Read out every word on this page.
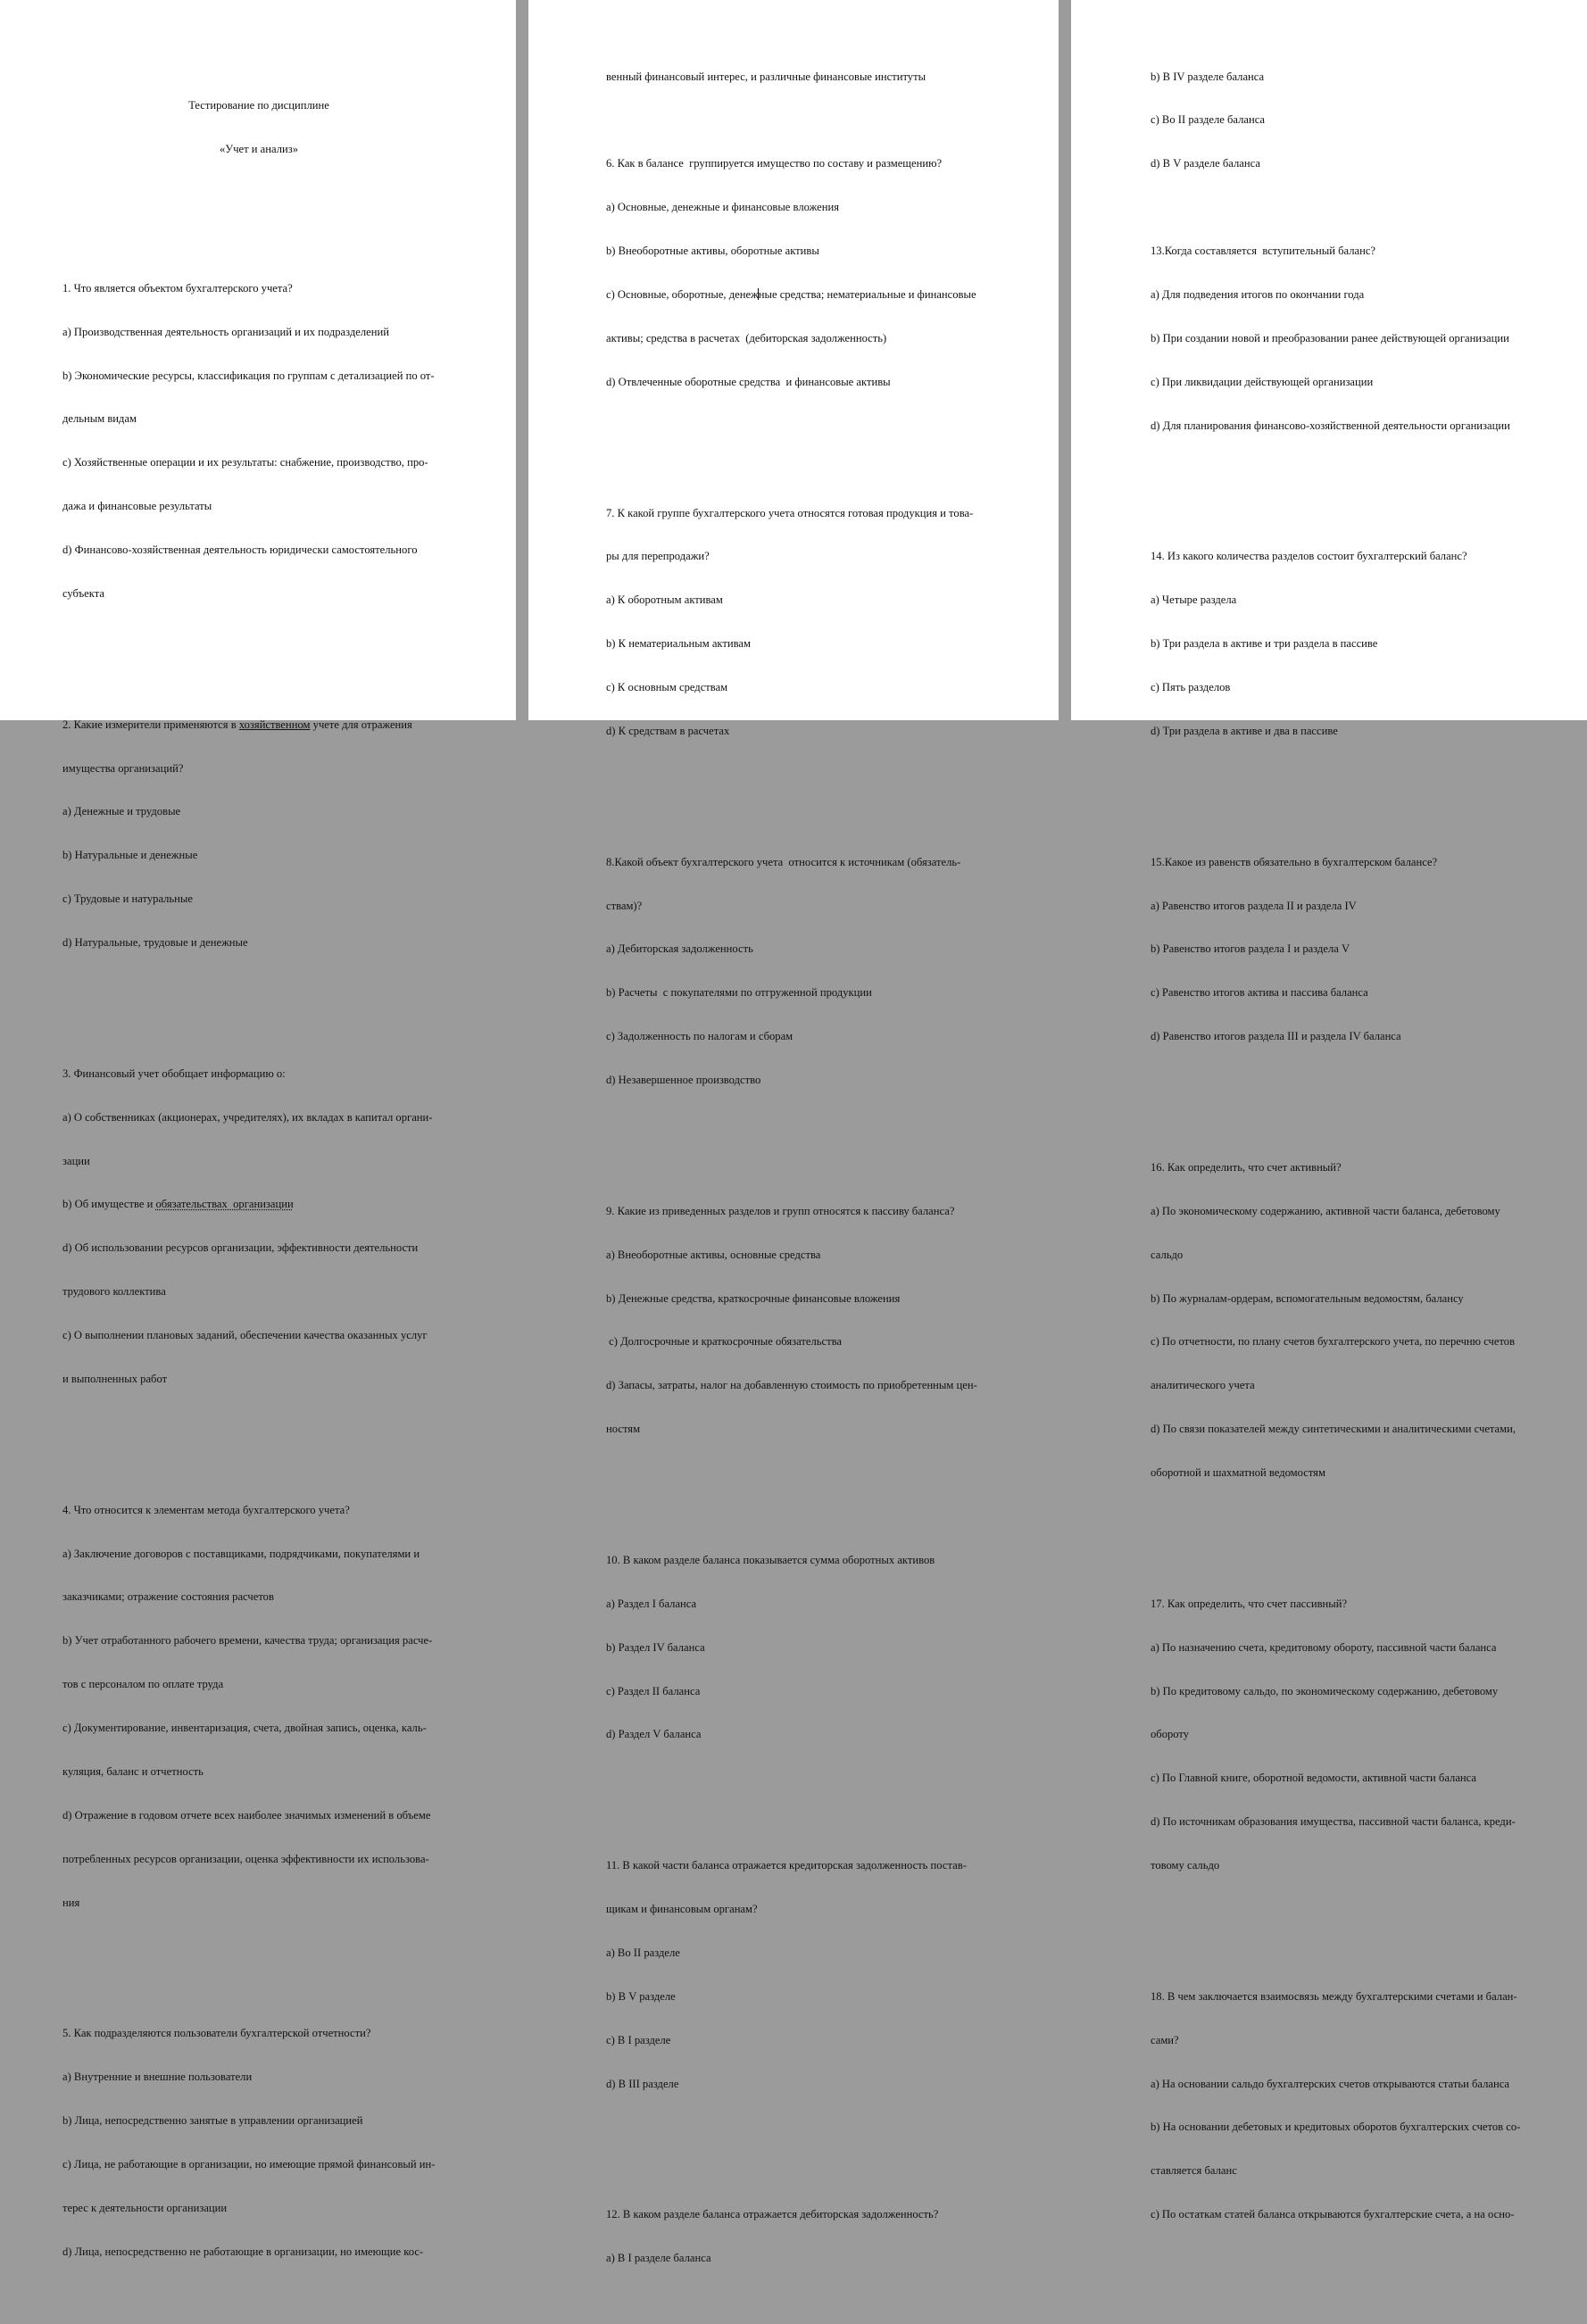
Тестирование по дисциплине

«Учет и анализ»

1. Что является объектом бухгалтерского учета?

а) Производственная деятельность организаций и их подразделений

b) Экономические ресурсы, классификация по группам с детализацией по от-

дельным видам

c) Хозяйственные операции и их результаты: снабжение, производство, про-

дажа и финансовые результаты

d) Финансово-хозяйственная деятельность юридически самостоятельного

субъекта

2. Какие измерители применяются в хозяйственном учете для отражения

имущества организаций?

а) Денежные и трудовые

b) Натуральные и денежные

c) Трудовые и натуральные

d) Натуральные, трудовые и денежные

3. Финансовый учет обобщает информацию о:

а) О собственниках (акционерах, учредителях), их вкладах в капитал органи-

зации

b) Об имуществе и обязательствах  организации

d) Об использовании ресурсов организации, эффективности деятельности

трудового коллектива

c) О выполнении плановых заданий, обеспечении качества оказанных услуг

и выполненных работ

4. Что относится к элементам метода бухгалтерского учета?

а) Заключение договоров с поставщиками, подрядчиками, покупателями и

заказчиками; отражение состояния расчетов

b) Учет отработанного рабочего времени, качества труда; организация расче-

тов с персоналом по оплате труда

c) Документирование, инвентаризация, счета, двойная запись, оценка, каль-

куляция, баланс и отчетность

d) Отражение в годовом отчете всех наиболее значимых изменений в объеме

потребленных ресурсов организации, оценка эффективности их использова-

ния

5. Как подразделяются пользователи бухгалтерской отчетности?

а) Внутренние и внешние пользователи

b) Лица, непосредственно занятые в управлении организацией

c) Лица, не работающие в организации, но имеющие прямой финансовый ин-

терес к деятельности организации

d) Лица, непосредственно не работающие в организации, но имеющие кос-

венный финансовый интерес, и различные финансовые институты

6. Как в балансе  группируется имущество по составу и размещению?

а) Основные, денежные и финансовые вложения

b) Внеоборотные активы, оборотные активы

c) Основные, оборотные, денежные средства; нематериальные и финансовые

активы; средства в расчетах  (дебиторская задолженность)

d) Отвлеченные оборотные средства  и финансовые активы

7. К какой группе бухгалтерского учета относятся готовая продукция и това-

ры для перепродажи?

а) К оборотным активам

b) К нематериальным активам

c) К основным средствам

d) К средствам в расчетах

8.Какой объект бухгалтерского учета  относится к источникам (обязатель-

ствам)?

а) Дебиторская задолженность

b) Расчеты  с покупателями по отгруженной продукции

c) Задолженность по налогам и сборам

d) Незавершенное производство

9. Какие из приведенных разделов и групп относятся к пассиву баланса?

а) Внеоборотные активы, основные средства

b) Денежные средства, краткосрочные финансовые вложения

c) Долгосрочные и краткосрочные обязательства

d) Запасы, затраты, налог на добавленную стоимость по приобретенным цен-

ностям

10. В каком разделе баланса показывается сумма оборотных активов

а) Раздел I баланса

b) Раздел IV баланса

c) Раздел II баланса

d) Раздел V баланса

11. В какой части баланса отражается кредиторская задолженность постав-

щикам и финансовым органам?

а) Во II разделе

b) В V разделе

c) В I разделе

d) В III разделе

12. В каком разделе баланса отражается дебиторская задолженность?

а) В I разделе баланса

b) В IV разделе баланса

c) Во II разделе баланса

d) В V разделе баланса

13.Когда составляется  вступительный баланс?

а) Для подведения итогов по окончании года

b) При создании новой и преобразовании ранее действующей организации

c) При ликвидации действующей организации

d) Для планирования финансово-хозяйственной деятельности организации

14. Из какого количества разделов состоит бухгалтерский баланс?

а) Четыре раздела

b) Три раздела в активе и три раздела в пассиве

c) Пять разделов

d) Три раздела в активе и два в пассиве

15.Какое из равенств обязательно в бухгалтерском балансе?

а) Равенство итогов раздела II и раздела IV

b) Равенство итогов раздела I и раздела V

c) Равенство итогов актива и пассива баланса

d) Равенство итогов раздела III и раздела IV баланса

16. Как определить, что счет активный?

а) По экономическому содержанию, активной части баланса, дебетовому

сальдо

b) По журналам-ордерам, вспомогательным ведомостям, балансу

c) По отчетности, по плану счетов бухгалтерского учета, по перечню счетов

аналитического учета

d) По связи показателей между синтетическими и аналитическими счетами,

оборотной и шахматной ведомостям

17. Как определить, что счет пассивный?

а) По назначению счета, кредитовому обороту, пассивной части баланса

b) По кредитовому сальдо, по экономическому содержанию, дебетовому

обороту

c) По Главной книге, оборотной ведомости, активной части баланса

d) По источникам образования имущества, пассивной части баланса, креди-

товому сальдо

18. В чем заключается взаимосвязь между бухгалтерскими счетами и балан-

сами?

а) На основании сальдо бухгалтерских счетов открываются статьи баланса

b) На основании дебетовых и кредитовых оборотов бухгалтерских счетов со-

ставляется баланс

c) По остаткам статей баланса открываются бухгалтерские счета, а на осно-
